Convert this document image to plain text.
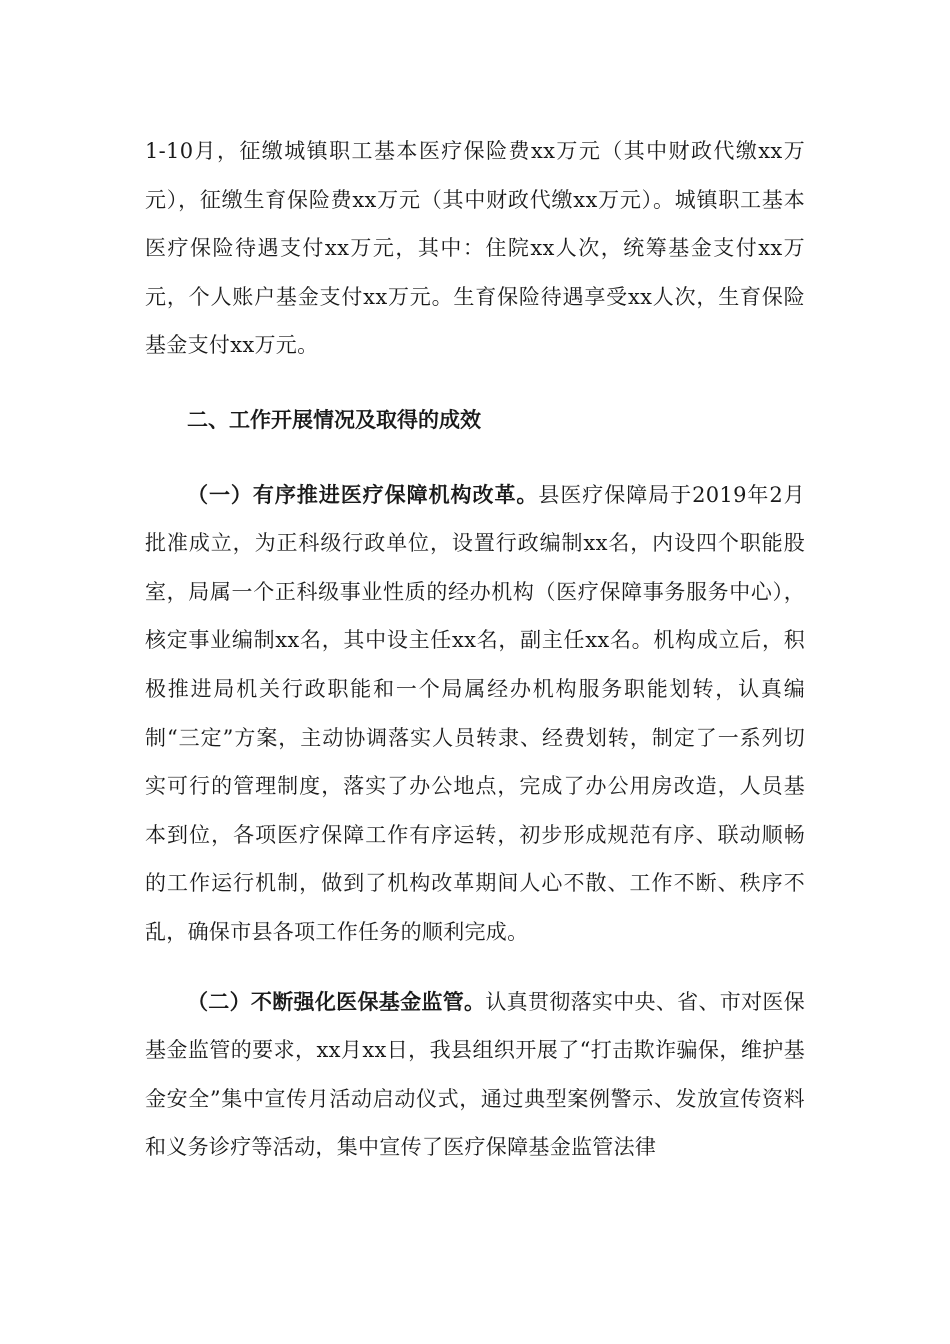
1-10月，征缴城镇职工基本医疗保险费xx万元（其中财政代缴xx万元），征缴生育保险费xx万元（其中财政代缴xx万元）。城镇职工基本医疗保险待遇支付xx万元，其中：住院xx人次，统筹基金支付xx万元，个人账户基金支付xx万元。生育保险待遇享受xx人次，生育保险基金支付xx万元。

二、工作开展情况及取得的成效

（一）有序推进医疗保障机构改革。县医疗保障局于2019年2月批准成立，为正科级行政单位，设置行政编制xx名，内设四个职能股室，局属一个正科级事业性质的经办机构（医疗保障事务服务中心），核定事业编制xx名，其中设主任xx名，副主任xx名。机构成立后，积极推进局机关行政职能和一个局属经办机构服务职能划转，认真编制“三定”方案，主动协调落实人员转隶、经费划转，制定了一系列切实可行的管理制度，落实了办公地点，完成了办公用房改造，人员基本到位，各项医疗保障工作有序运转，初步形成规范有序、联动顺畅的工作运行机制，做到了机构改革期间人心不散、工作不断、秩序不乱，确保市县各项工作任务的顺利完成。

（二）不断强化医保基金监管。认真贯彻落实中央、省、市对医保基金监管的要求，xx月xx日，我县组织开展了“打击欺诈骗保，维护基金安全”集中宣传月活动启动仪式，通过典型案例警示、发放宣传资料和义务诊疗等活动，集中宣传了医疗保障基金监管法律
